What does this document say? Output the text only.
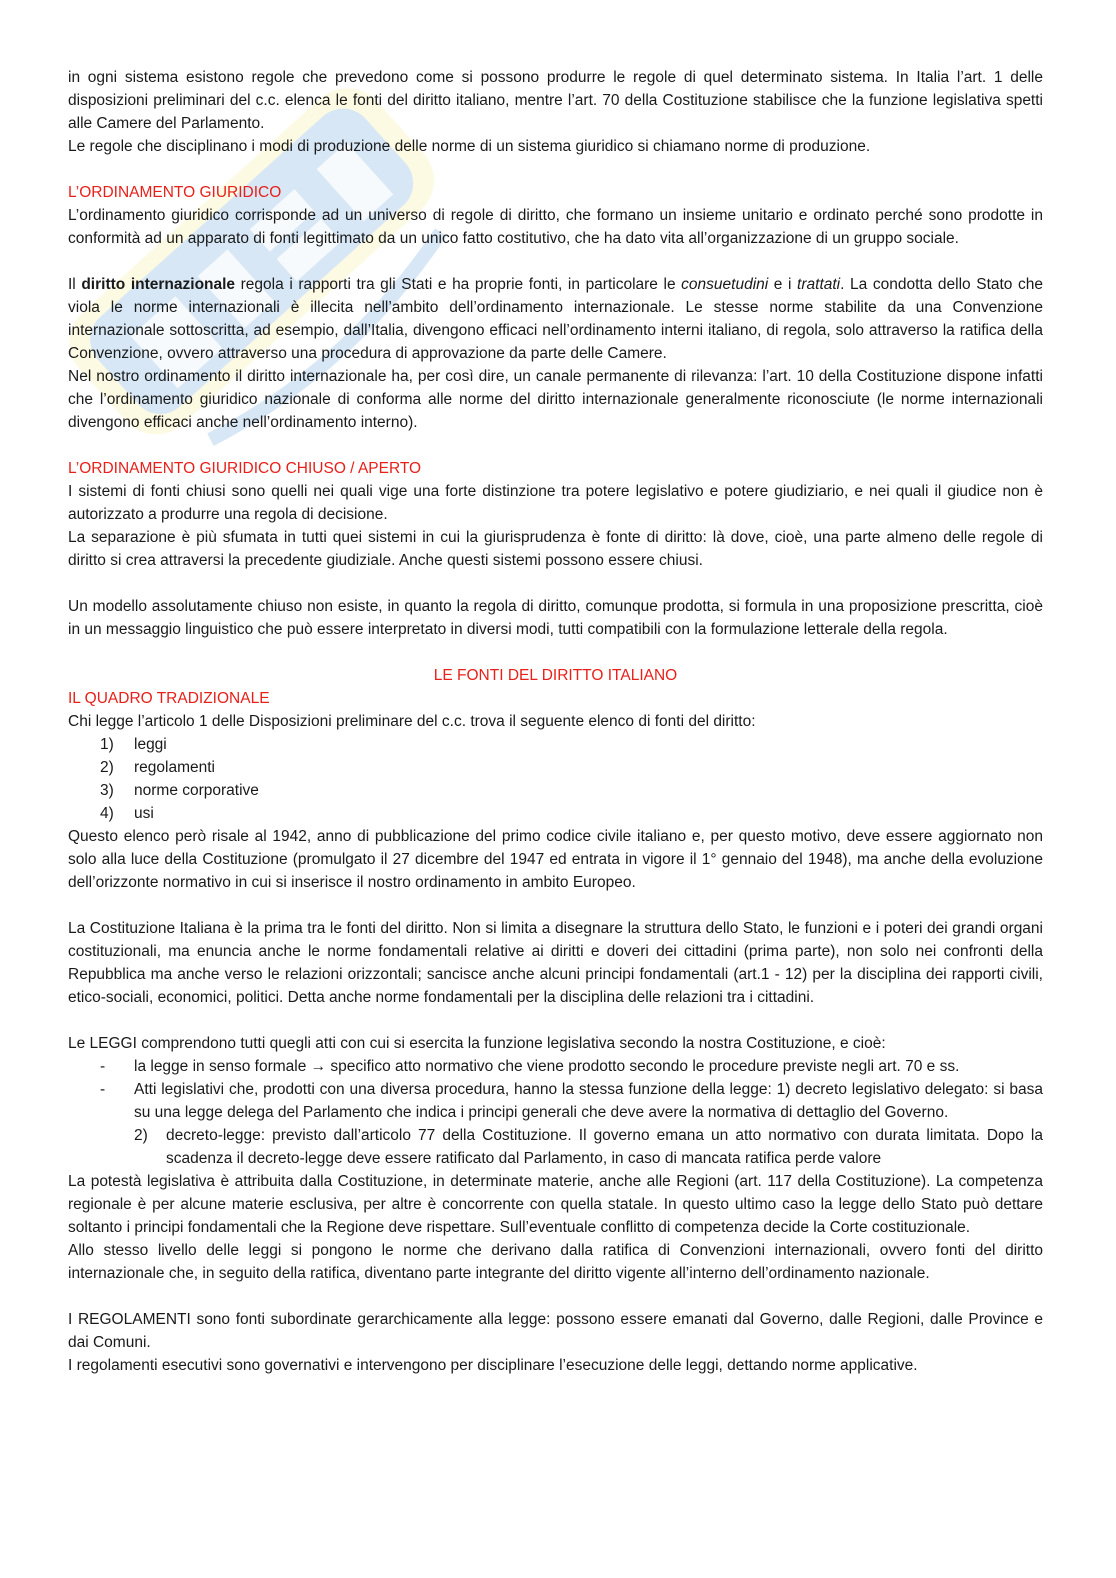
in ogni sistema esistono regole che prevedono come si possono produrre le regole di quel determinato sistema. In Italia l’art. 1 delle disposizioni preliminari del c.c. elenca le fonti del diritto italiano, mentre l’art. 70 della Costituzione stabilisce che la funzione legislativa spetti alle Camere del Parlamento.

Le regole che disciplinano i modi di produzione delle norme di un sistema giuridico si chiamano norme di produzione.

L’ORDINAMENTO GIURIDICO

L’ordinamento giuridico corrisponde ad un universo di regole di diritto, che formano un insieme unitario e ordinato perché sono prodotte in conformità ad un apparato di fonti legittimato da un unico fatto costitutivo, che ha dato vita all’organizzazione di un gruppo sociale.

Il diritto internazionale regola i rapporti tra gli Stati e ha proprie fonti, in particolare le consuetudini e i trattati. La condotta dello Stato che viola le norme internazionali è illecita nell’ambito dell’ordinamento internazionale. Le stesse norme stabilite da una Convenzione internazionale sottoscritta, ad esempio, dall’Italia, divengono efficaci nell’ordinamento interni italiano, di regola, solo attraverso la ratifica della Convenzione, ovvero attraverso una procedura di approvazione da parte delle Camere.

Nel nostro ordinamento il diritto internazionale ha, per così dire, un canale permanente di rilevanza: l’art. 10 della Costituzione dispone infatti che l’ordinamento giuridico nazionale di conforma alle norme del diritto internazionale generalmente riconosciute (le norme internazionali divengono efficaci anche nell’ordinamento interno).

L’ORDINAMENTO GIURIDICO CHIUSO / APERTO

I sistemi di fonti chiusi sono quelli nei quali vige una forte distinzione tra potere legislativo e potere giudiziario, e nei quali il giudice non è autorizzato a produrre una regola di decisione.

La separazione è più sfumata in tutti quei sistemi in cui la giurisprudenza è fonte di diritto: là dove, cioè, una parte almeno delle regole di diritto si crea attraversi la precedente giudiziale. Anche questi sistemi possono essere chiusi.

Un modello assolutamente chiuso non esiste, in quanto la regola di diritto, comunque prodotta, si formula in una proposizione prescritta, cioè in un messaggio linguistico che può essere interpretato in diversi modi, tutti compatibili con la formulazione letterale della regola.

LE FONTI DEL DIRITTO ITALIANO
IL QUADRO TRADIZIONALE

Chi legge l’articolo 1 delle Disposizioni preliminare del c.c. trova il seguente elenco di fonti del diritto:

1)	leggi
2)	regolamenti
3)	norme corporative
4)	usi

Questo elenco però risale al 1942, anno di pubblicazione del primo codice civile italiano e, per questo motivo, deve essere aggiornato non solo alla luce della Costituzione (promulgato il 27 dicembre del 1947 ed entrata in vigore il 1° gennaio del 1948), ma anche della evoluzione dell’orizzonte normativo in cui si inserisce il nostro ordinamento in ambito Europeo.

La Costituzione Italiana è la prima tra le fonti del diritto. Non si limita a disegnare la struttura dello Stato, le funzioni e i poteri dei grandi organi costituzionali, ma enuncia anche le norme fondamentali relative ai diritti e doveri dei cittadini (prima parte), non solo nei confronti della Repubblica ma anche verso le relazioni orizzontali; sancisce anche alcuni principi fondamentali (art.1 - 12) per la disciplina dei rapporti civili, etico-sociali, economici, politici. Detta anche norme fondamentali per la disciplina delle relazioni tra i cittadini.

Le LEGGI comprendono tutti quegli atti con cui si esercita la funzione legislativa secondo la nostra Costituzione, e cioè:

-	la legge in senso formale → specifico atto normativo che viene prodotto secondo le procedure previste negli art. 70 e ss.
-	Atti legislativi che, prodotti con una diversa procedura, hanno la stessa funzione della legge: 1) decreto legislativo delegato: si basa su una legge delega del Parlamento che indica i principi generali che deve avere la normativa di dettaglio del Governo.
2)	decreto-legge: previsto dall’articolo 77 della Costituzione. Il governo emana un atto normativo con durata limitata. Dopo la scadenza il decreto-legge deve essere ratificato dal Parlamento, in caso di mancata ratifica perde valore

La potestà legislativa è attribuita dalla Costituzione, in determinate materie, anche alle Regioni (art. 117 della Costituzione). La competenza regionale è per alcune materie esclusiva, per altre è concorrente con quella statale. In questo ultimo caso la legge dello Stato può dettare soltanto i principi fondamentali che la Regione deve rispettare. Sull’eventuale conflitto di competenza decide la Corte costituzionale.

Allo stesso livello delle leggi si pongono le norme che derivano dalla ratifica di Convenzioni internazionali, ovvero fonti del diritto internazionale che, in seguito della ratifica, diventano parte integrante del diritto vigente all’interno dell’ordinamento nazionale.

I REGOLAMENTI sono fonti subordinate gerarchicamente alla legge: possono essere emanati dal Governo, dalle Regioni, dalle Province e dai Comuni.

I regolamenti esecutivi sono governativi e intervengono per disciplinare l’esecuzione delle leggi, dettando norme applicative.
